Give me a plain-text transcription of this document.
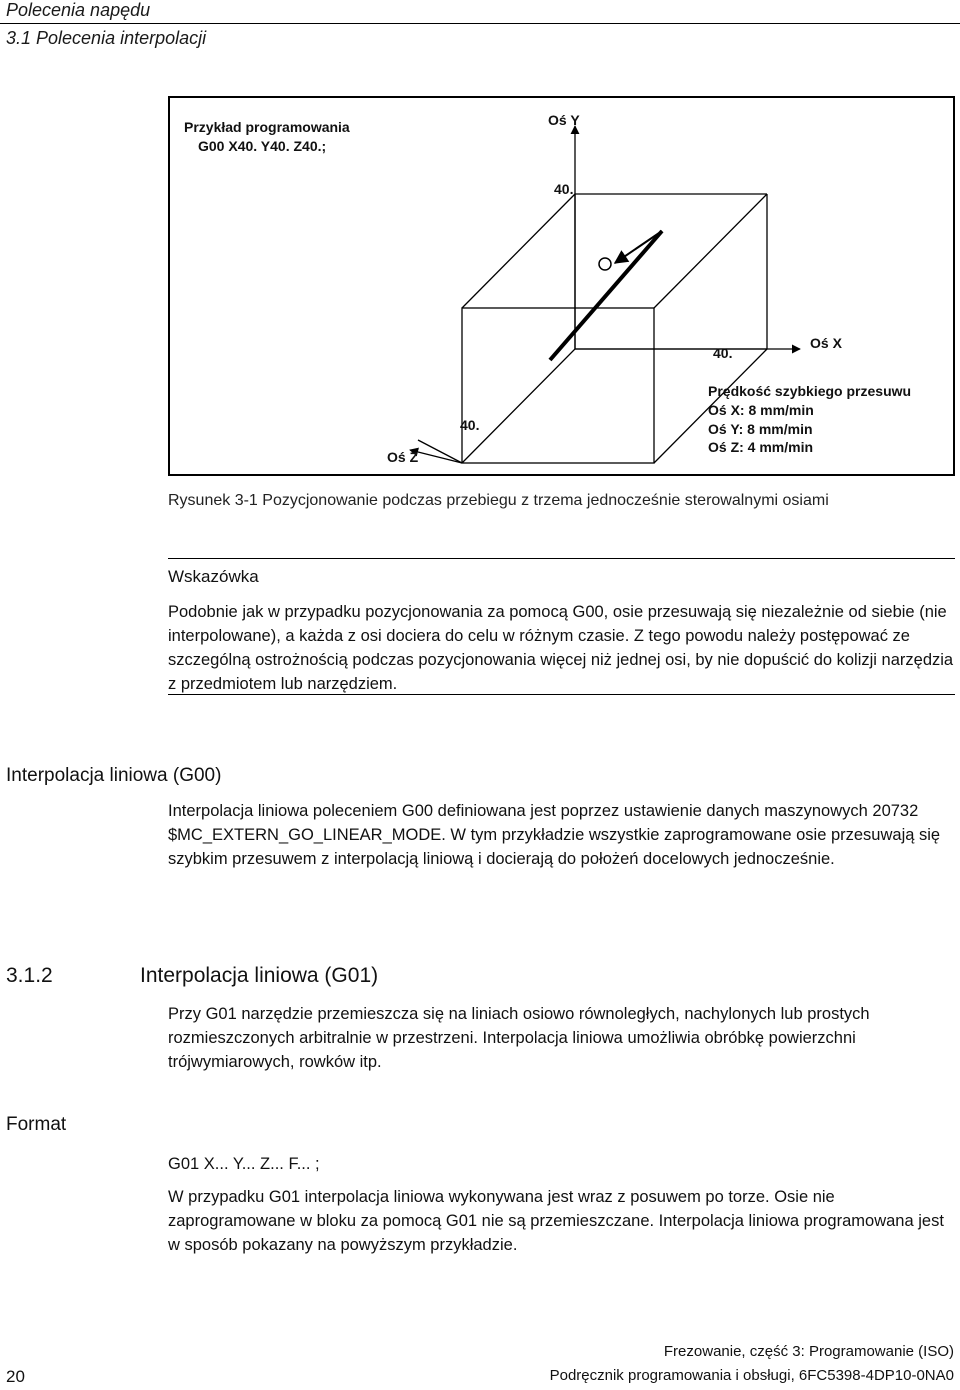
Polecenia napędu
3.1 Polecenia interpolacji
Przykład programowania
G00 X40. Y40. Z40.;
Oś Y
40.
40.
Oś X
40.
Oś Z
Prędkość szybkiego przesuwu
Oś X: 8 mm/min
Oś Y: 8 mm/min
Oś Z: 4 mm/min
Rysunek 3-1 Pozycjonowanie podczas przebiegu z trzema jednocześnie sterowalnymi osiami
Wskazówka
Podobnie jak w przypadku pozycjonowania za pomocą G00, osie przesuwają się niezależnie od siebie (nie interpolowane), a każda z osi dociera do celu w różnym czasie. Z tego powodu należy postępować ze szczególną ostrożnością podczas pozycjonowania więcej niż jednej osi, by nie dopuścić do kolizji narzędzia z przedmiotem lub narzędziem.
Interpolacja liniowa (G00)
Interpolacja liniowa poleceniem G00 definiowana jest poprzez ustawienie danych maszynowych 20732 $MC_EXTERN_GO_LINEAR_MODE. W tym przykładzie wszystkie zaprogramowane osie przesuwają się szybkim przesuwem z interpolacją liniową i docierają do położeń docelowych jednocześnie.
3.1.2	Interpolacja liniowa (G01)
Przy G01 narzędzie przemieszcza się na liniach osiowo równoległych, nachylonych lub prostych rozmieszczonych arbitralnie w przestrzeni. Interpolacja liniowa umożliwia obróbkę powierzchni trójwymiarowych, rowków itp.
Format
G01 X... Y... Z... F... ;
W przypadku G01 interpolacja liniowa wykonywana jest wraz z posuwem po torze. Osie nie zaprogramowane w bloku za pomocą G01 nie są przemieszczane. Interpolacja liniowa programowana jest w sposób pokazany na powyższym przykładzie.
Frezowanie, część 3: Programowanie (ISO)
20	Podręcznik programowania i obsługi, 6FC5398-4DP10-0NA0
